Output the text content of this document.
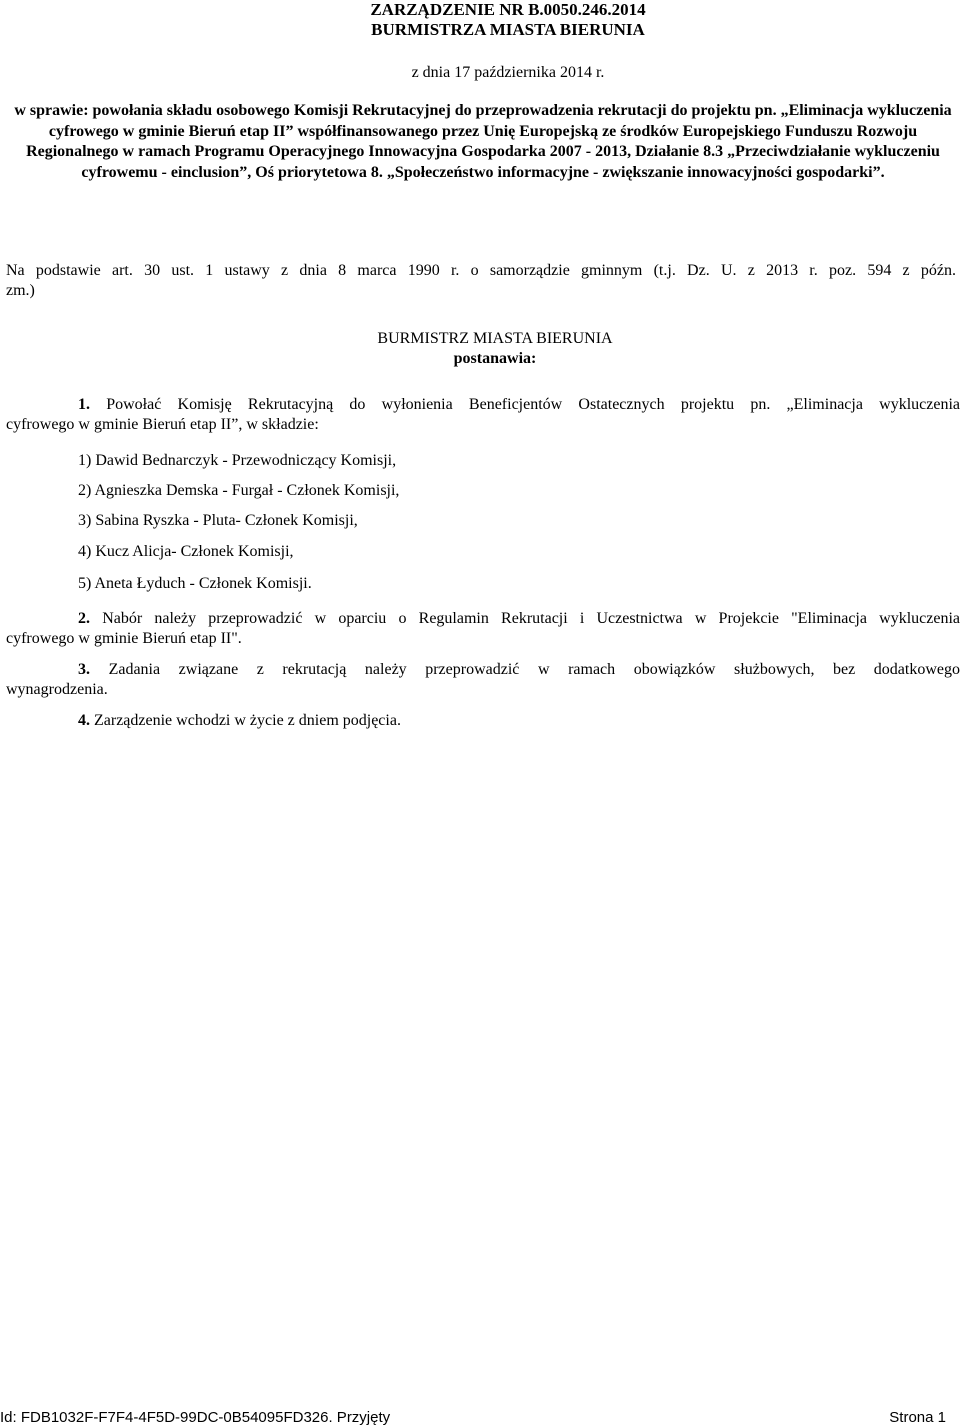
ZARZĄDZENIE NR B.0050.246.2014
BURMISTRZA MIASTA BIERUNIA
z dnia 17 października 2014 r.
w sprawie: powołania składu osobowego Komisji Rekrutacyjnej do przeprowadzenia rekrutacji do projektu pn. „Eliminacja wykluczenia cyfrowego w gminie Bieruń etap II” współfinansowanego przez Unię Europejską ze środków Europejskiego Funduszu Rozwoju Regionalnego w ramach Programu Operacyjnego Innowacyjna Gospodarka 2007 - 2013, Działanie 8.3 „Przeciwdziałanie wykluczeniu cyfrowemu - einclusion”, Oś priorytetowa 8. „Społeczeństwo informacyjne - zwiększanie innowacyjności gospodarki”.
Na podstawie art. 30 ust. 1 ustawy z dnia 8 marca 1990 r. o samorządzie gminnym (t.j. Dz. U. z 2013 r. poz. 594 z późn.
zm.)
BURMISTRZ MIASTA BIERUNIA
postanawia:
1. Powołać Komisję Rekrutacyjną do wyłonienia Beneficjentów Ostatecznych projektu pn. „Eliminacja wykluczenia
cyfrowego w gminie Bieruń etap II”, w składzie:
1) Dawid Bednarczyk - Przewodniczący Komisji,
2) Agnieszka Demska - Furgał - Członek Komisji,
3) Sabina Ryszka - Pluta- Członek Komisji,
4) Kucz Alicja- Członek Komisji,
5) Aneta Łyduch - Członek Komisji.
2. Nabór należy przeprowadzić w oparciu o Regulamin Rekrutacji i Uczestnictwa w Projekcie "Eliminacja wykluczenia
cyfrowego w gminie Bieruń etap II".
3. Zadania związane z rekrutacją należy przeprowadzić w ramach obowiązków służbowych, bez dodatkowego
wynagrodzenia.
4. Zarządzenie wchodzi w życie z dniem podjęcia.
Id: FDB1032F-F7F4-4F5D-99DC-0B54095FD326. Przyjęty	Strona 1
